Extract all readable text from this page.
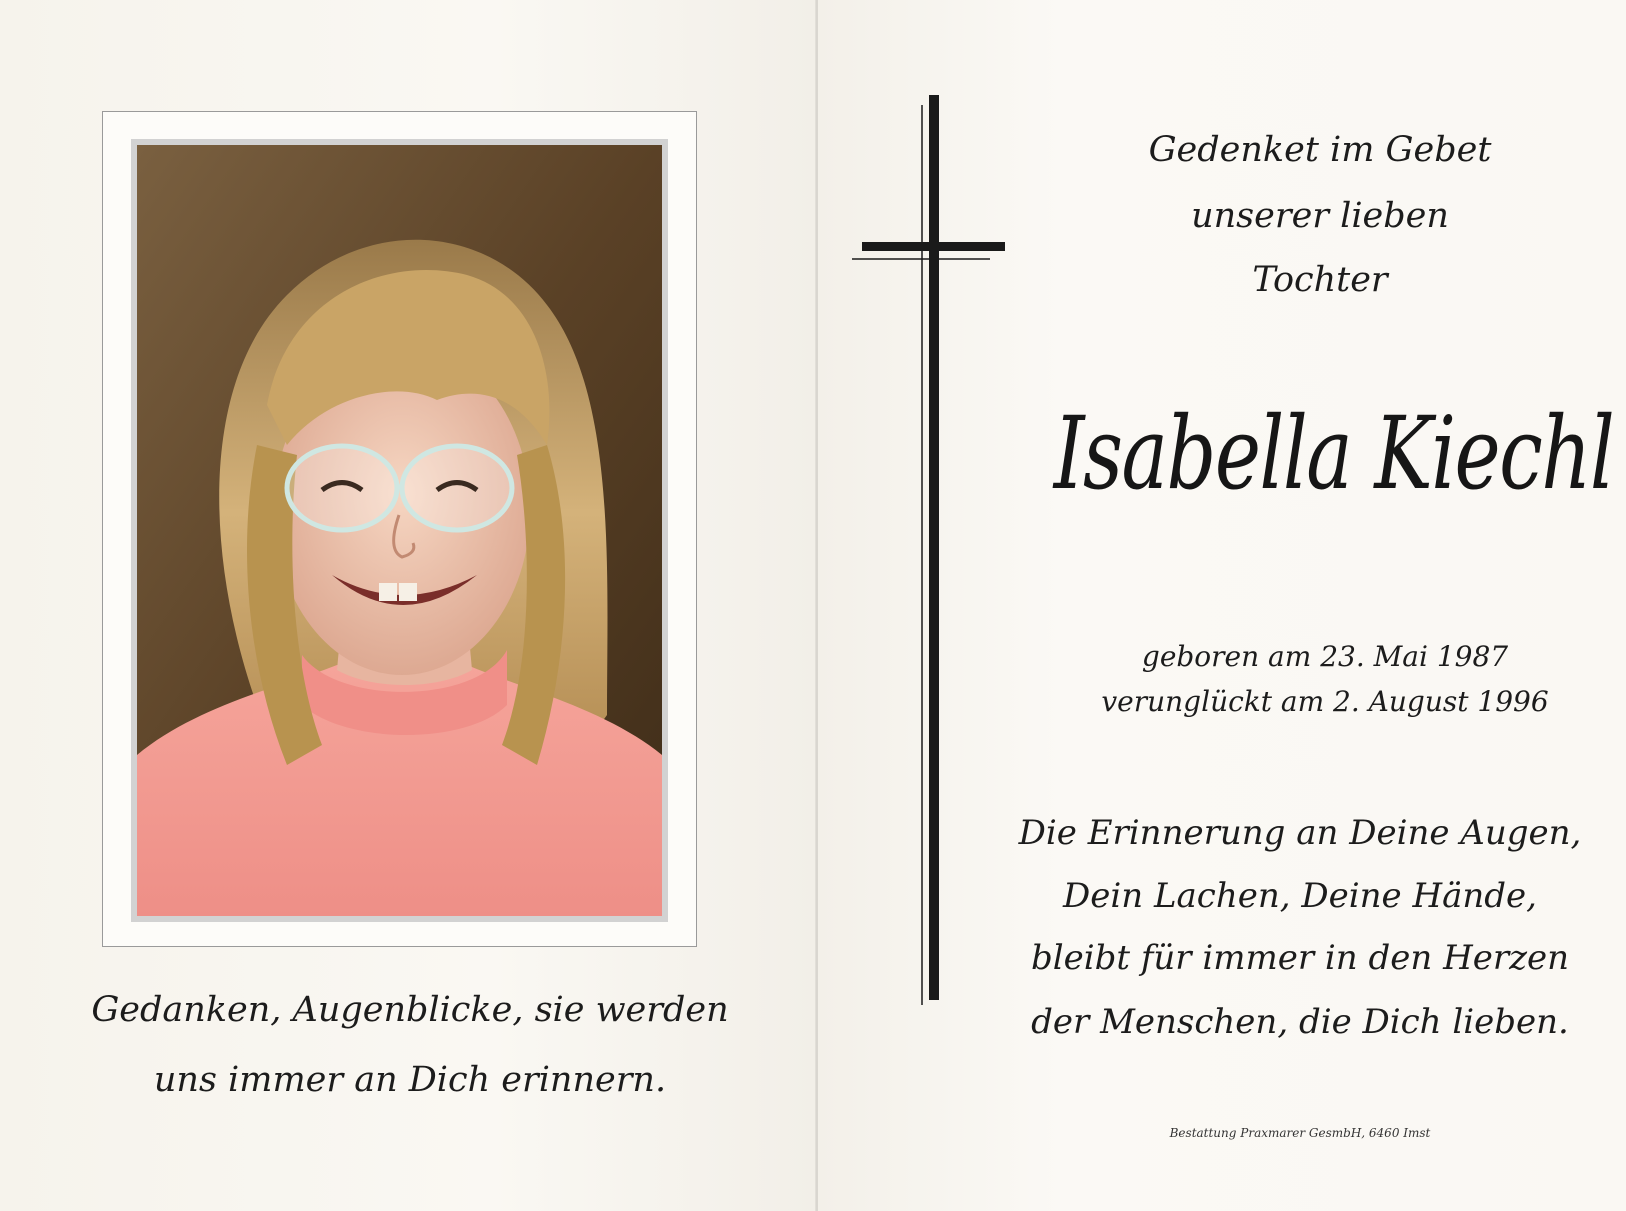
Gedanken, Augenblicke, sie werden
uns immer an Dich erinnern.
Gedenket im Gebet
unserer lieben
Tochter
Isabella Kiechl
geboren am 23. Mai 1987
verunglückt am 2. August 1996
Die Erinnerung an Deine Augen,
Dein Lachen, Deine Hände,
bleibt für immer in den Herzen
der Menschen, die Dich lieben.
Bestattung Praxmarer GesmbH, 6460 Imst
